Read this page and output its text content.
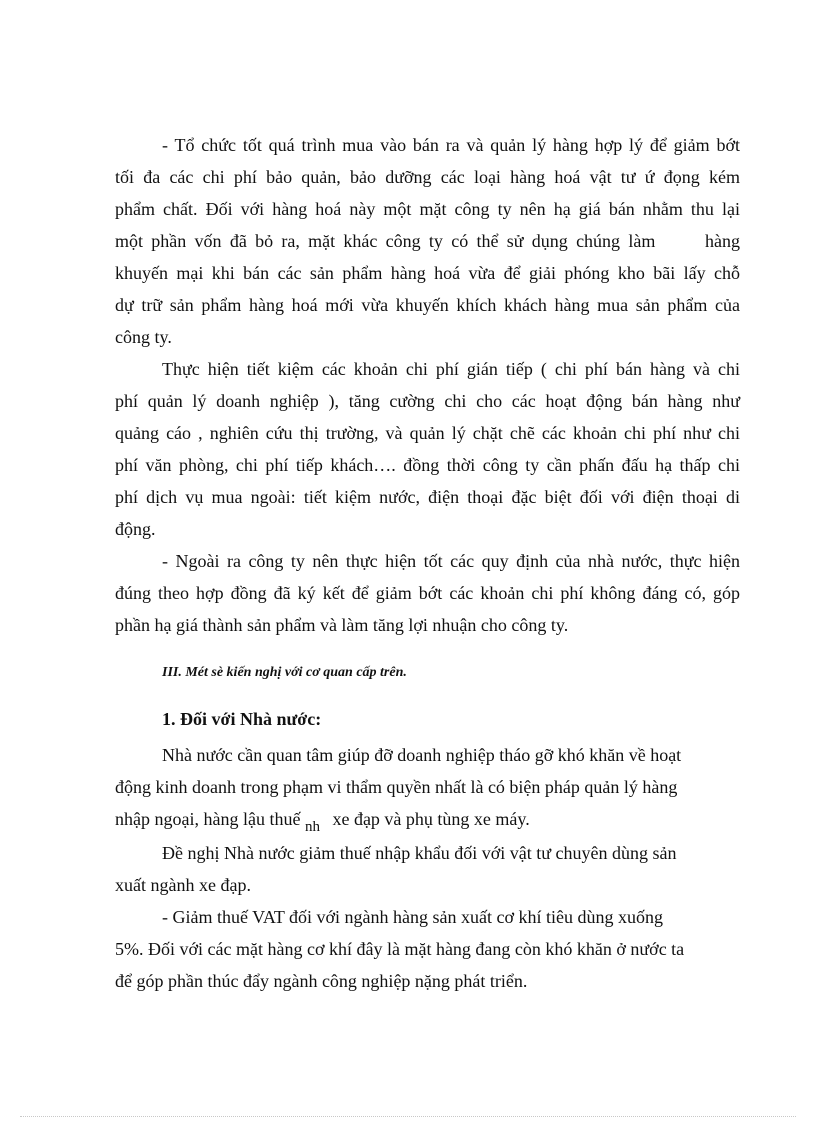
- Tổ chức tốt quá trình mua vào bán ra và quản lý hàng hợp lý để giảm bớt
tối đa các chi phí bảo quản, bảo dưỡng các loại hàng hoá vật tư ứ đọng kém
phẩm chất. Đối với hàng hoá này một mặt công ty nên hạ giá bán nhằm thu lại
một phần vốn đã bỏ ra, mặt khác công ty có thể sử dụng chúng làm      hàng
khuyến mại khi bán các sản phẩm hàng hoá vừa để giải phóng kho bãi lấy chỗ
dự trữ sản phẩm hàng hoá mới vừa khuyến khích khách hàng mua sản phẩm của
công ty.
Thực hiện tiết kiệm các khoản chi phí gián tiếp ( chi phí bán hàng và chi
phí quản lý doanh nghiệp ), tăng cường chi cho các hoạt động bán hàng như
quảng cáo , nghiên cứu thị trường, và quản lý chặt chẽ các khoản chi phí như chi
phí văn phòng, chi phí tiếp khách…. đồng thời công ty cần phấn đấu hạ thấp chi
phí dịch vụ mua ngoài: tiết kiệm nước, điện thoại đặc biệt đối với điện thoại di
động.
- Ngoài ra công ty nên thực hiện tốt các quy định của nhà nước, thực hiện
đúng theo hợp đồng đã ký kết để giảm bớt các khoản chi phí không đáng có, góp
phần hạ giá thành sản phẩm và làm tăng lợi nhuận cho công ty.
III. Mét sè kiến nghị với cơ quan cấp trên.
1. Đối với Nhà nước:
Nhà nước cần quan tâm giúp đỡ doanh nghiệp tháo gỡ khó khăn về hoạt
động kinh doanh trong phạm vi thẩm quyền nhất là có biện pháp quản lý hàng
nhập ngoại, hàng lậu thuế $_{nh}$ xe đạp và phụ tùng xe máy.
Đề nghị Nhà nước giảm thuế nhập khẩu đối với vật tư chuyên dùng sản
xuất ngành xe đạp.
- Giảm thuế VAT đối với ngành hàng sản xuất cơ khí tiêu dùng xuống
5%. Đối với các mặt hàng cơ khí đây là mặt hàng đang còn khó khăn ở nước ta
để góp phần thúc đẩy ngành công nghiệp nặng phát triển.
